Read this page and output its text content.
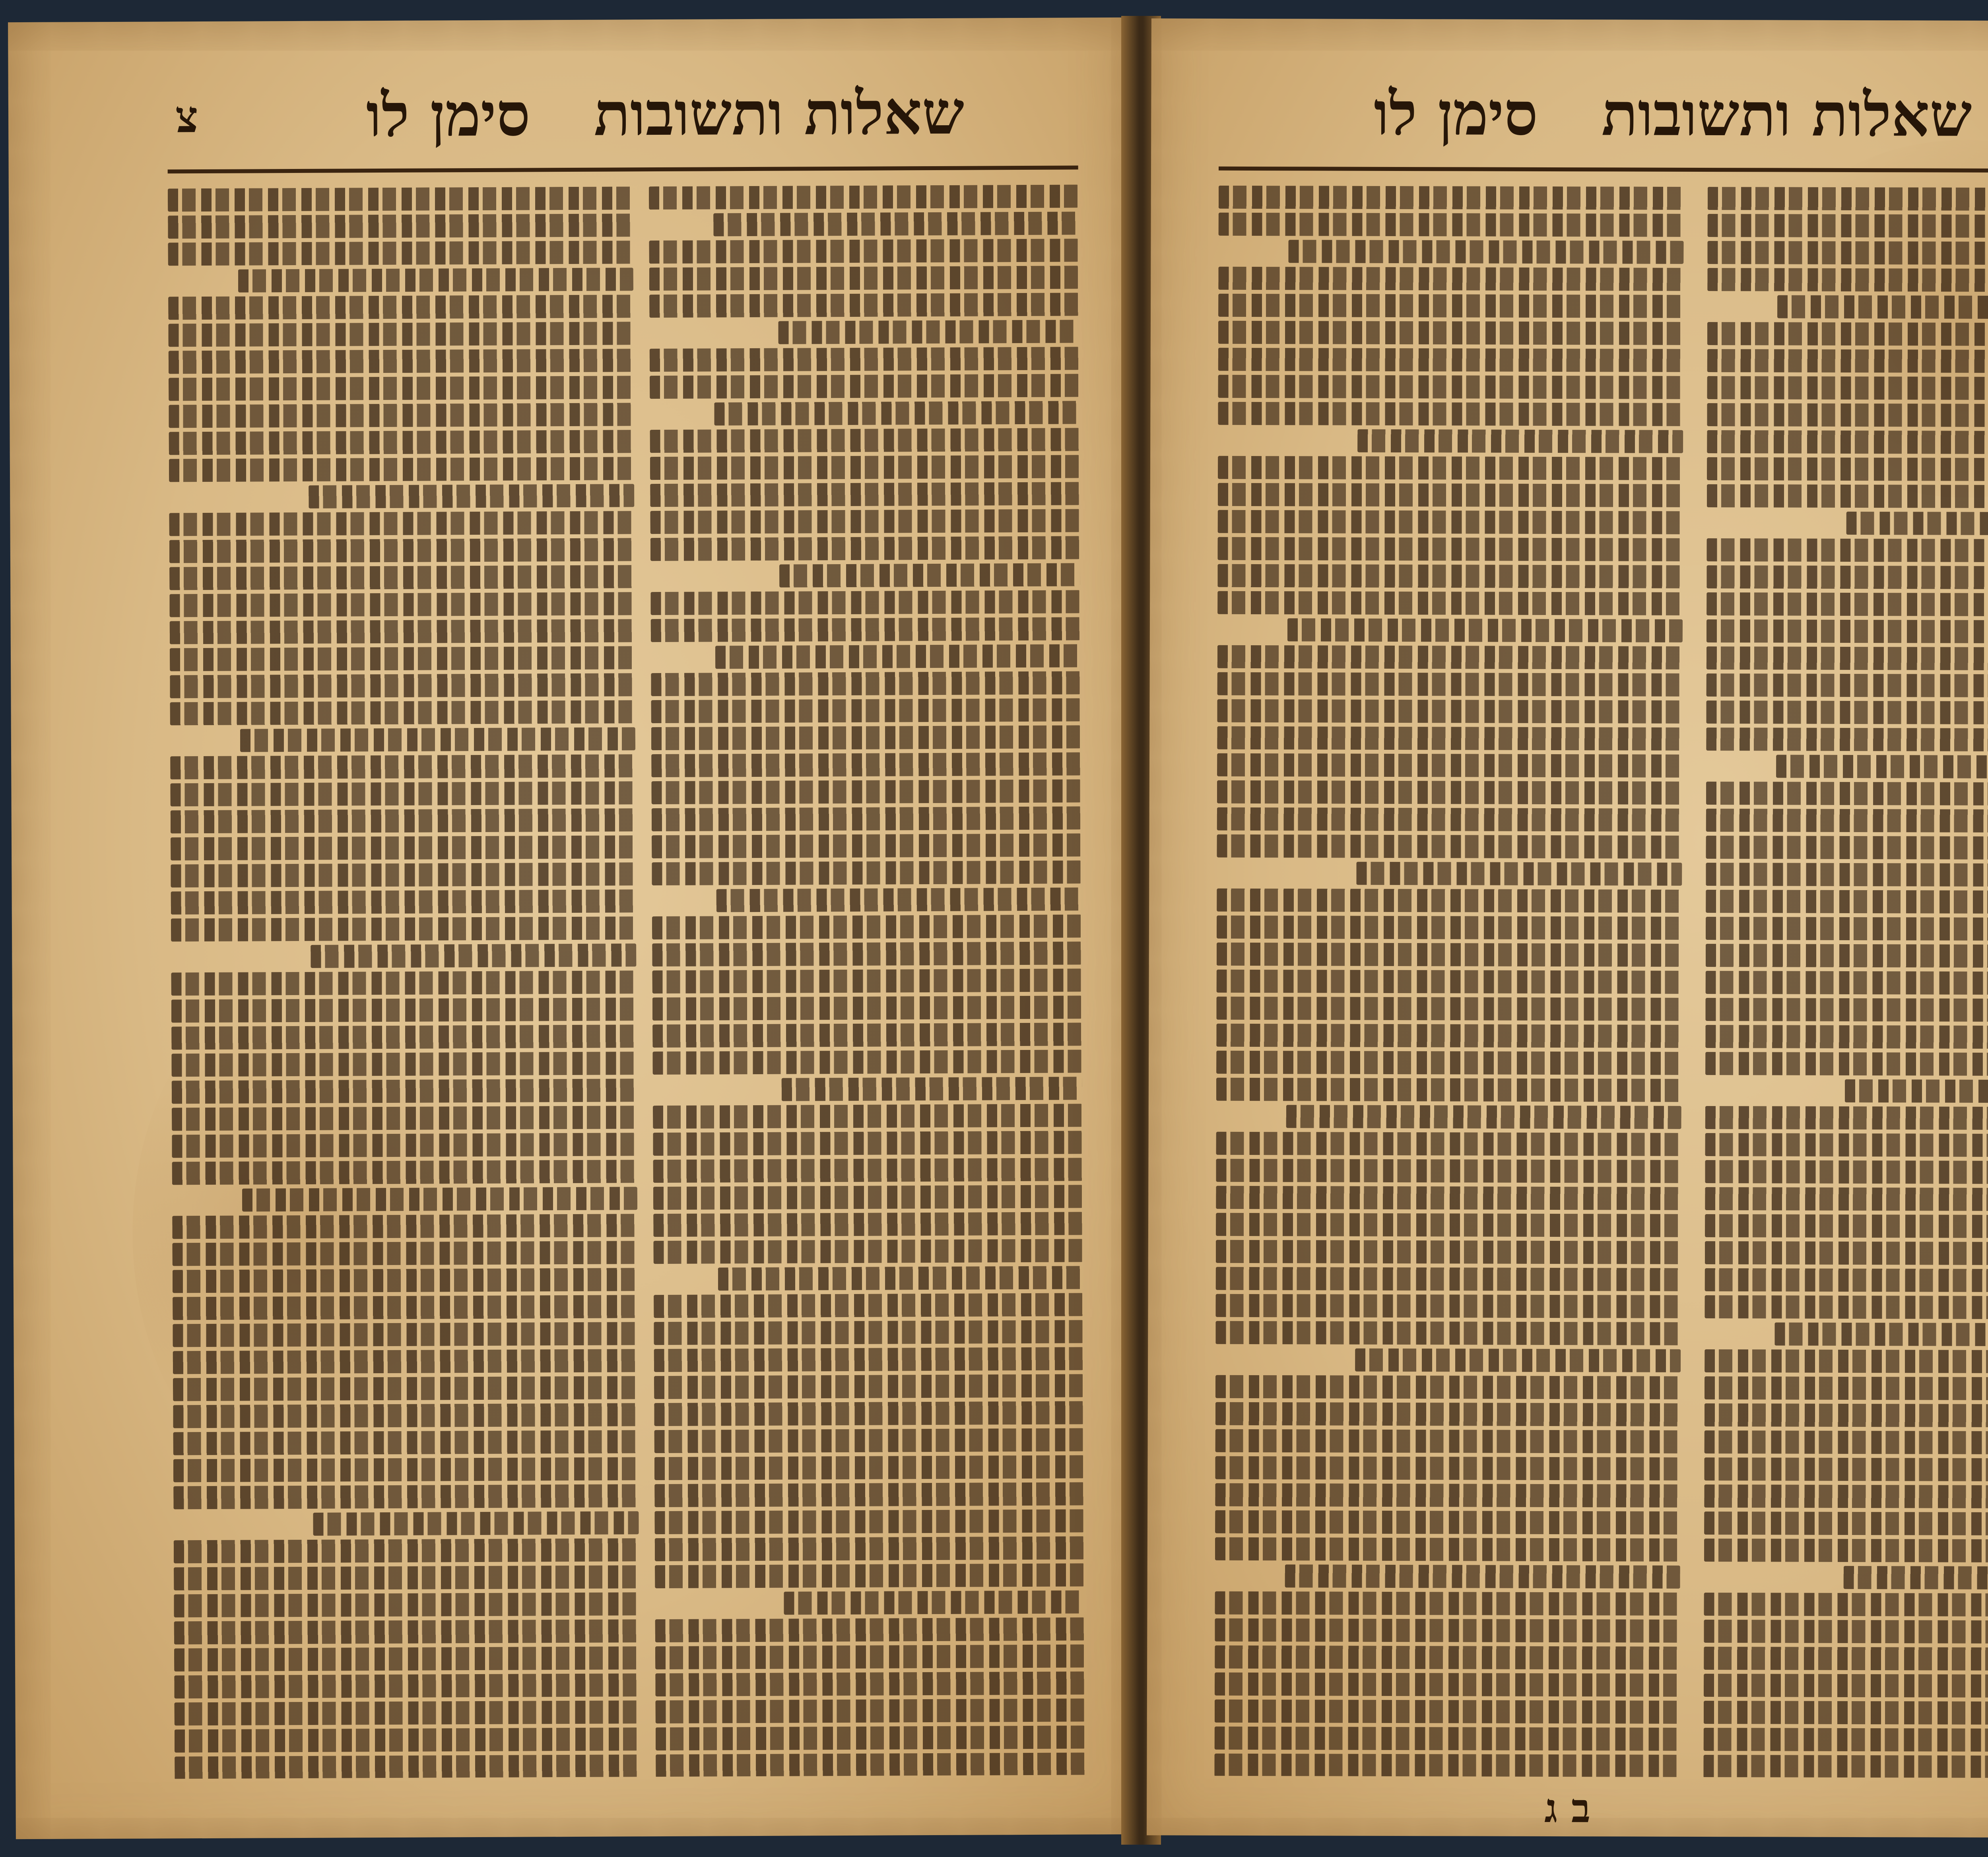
צ	שאלות ותשובותסימן לו	שאלות ותשובותסימן לו
ב ג
